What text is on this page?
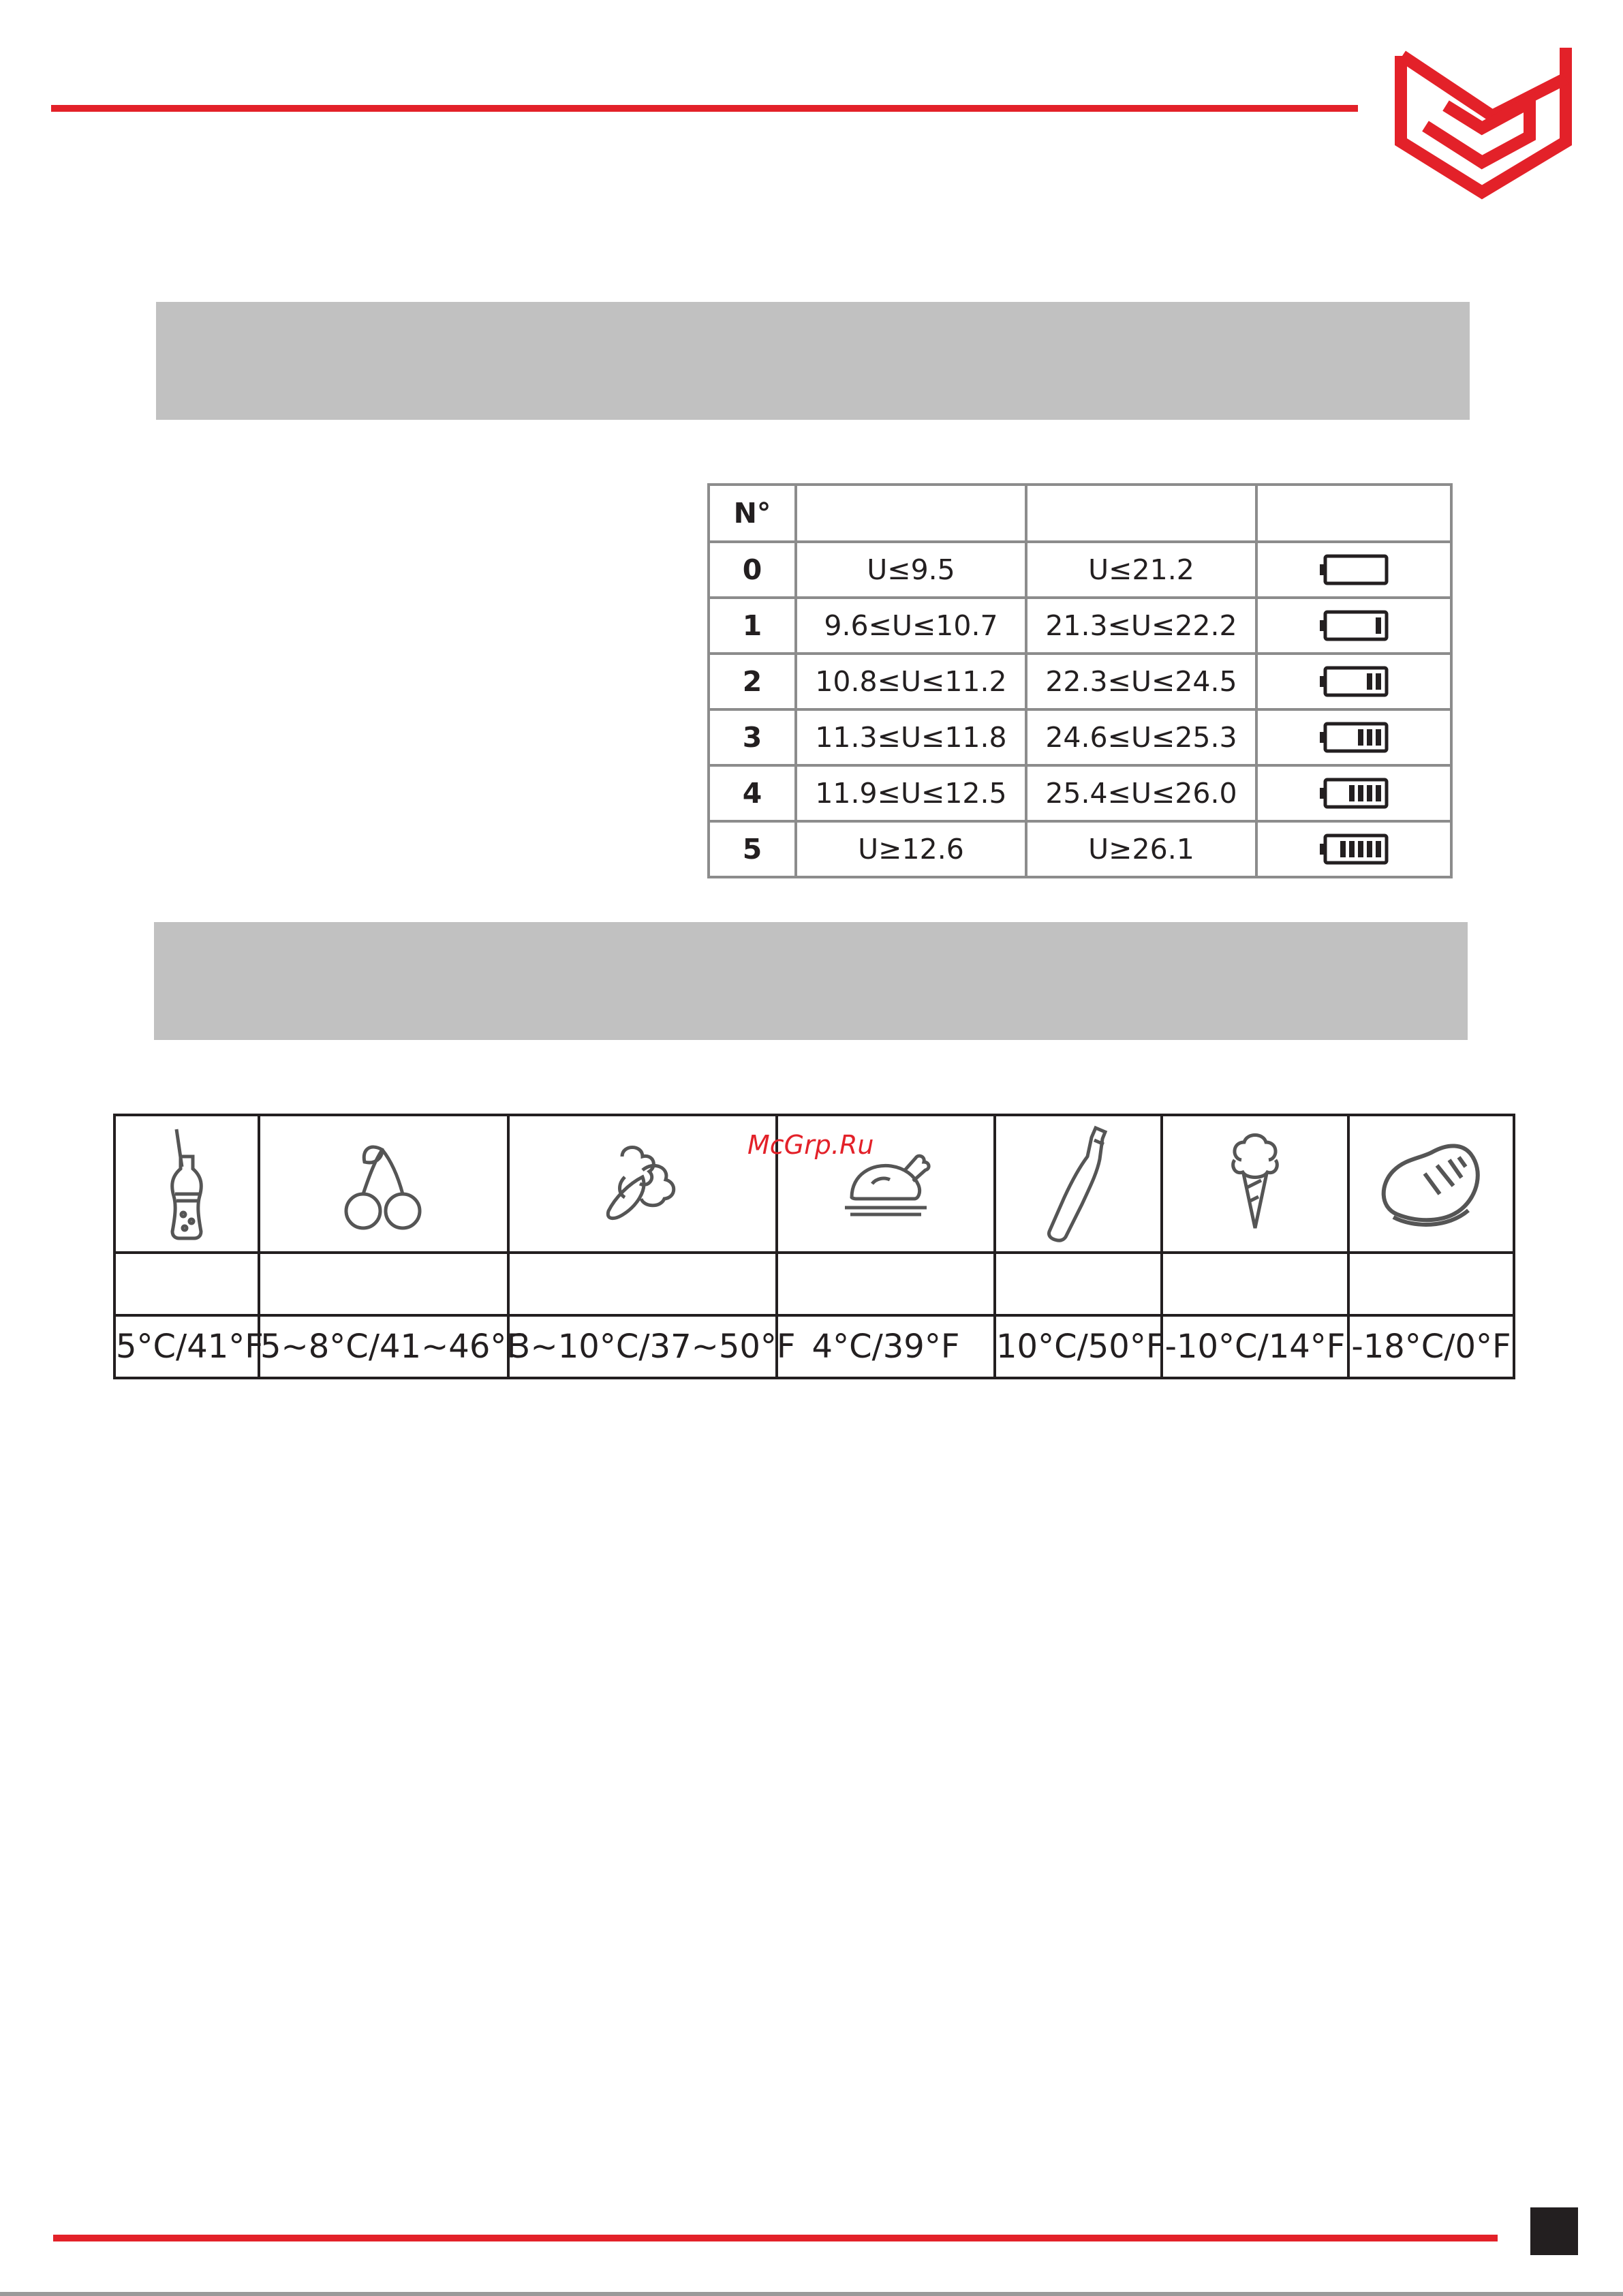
N°			
0	U≤9.5	U≤21.2	

1	9.6≤U≤10.7	21.3≤U≤22.2	

2	10.8≤U≤11.2	22.3≤U≤24.5	

3	11.3≤U≤11.8	24.6≤U≤25.3	

4	11.9≤U≤12.5	25.4≤U≤26.0	

5	U≥12.6	U≥26.1	

5°C/41°F	5~8°C/41~46°F	3~10°C/37~50°F	4°C/39°F	10°C/50°F	-10°C/14°F	-18°C/0°F
McGrp.Ru
